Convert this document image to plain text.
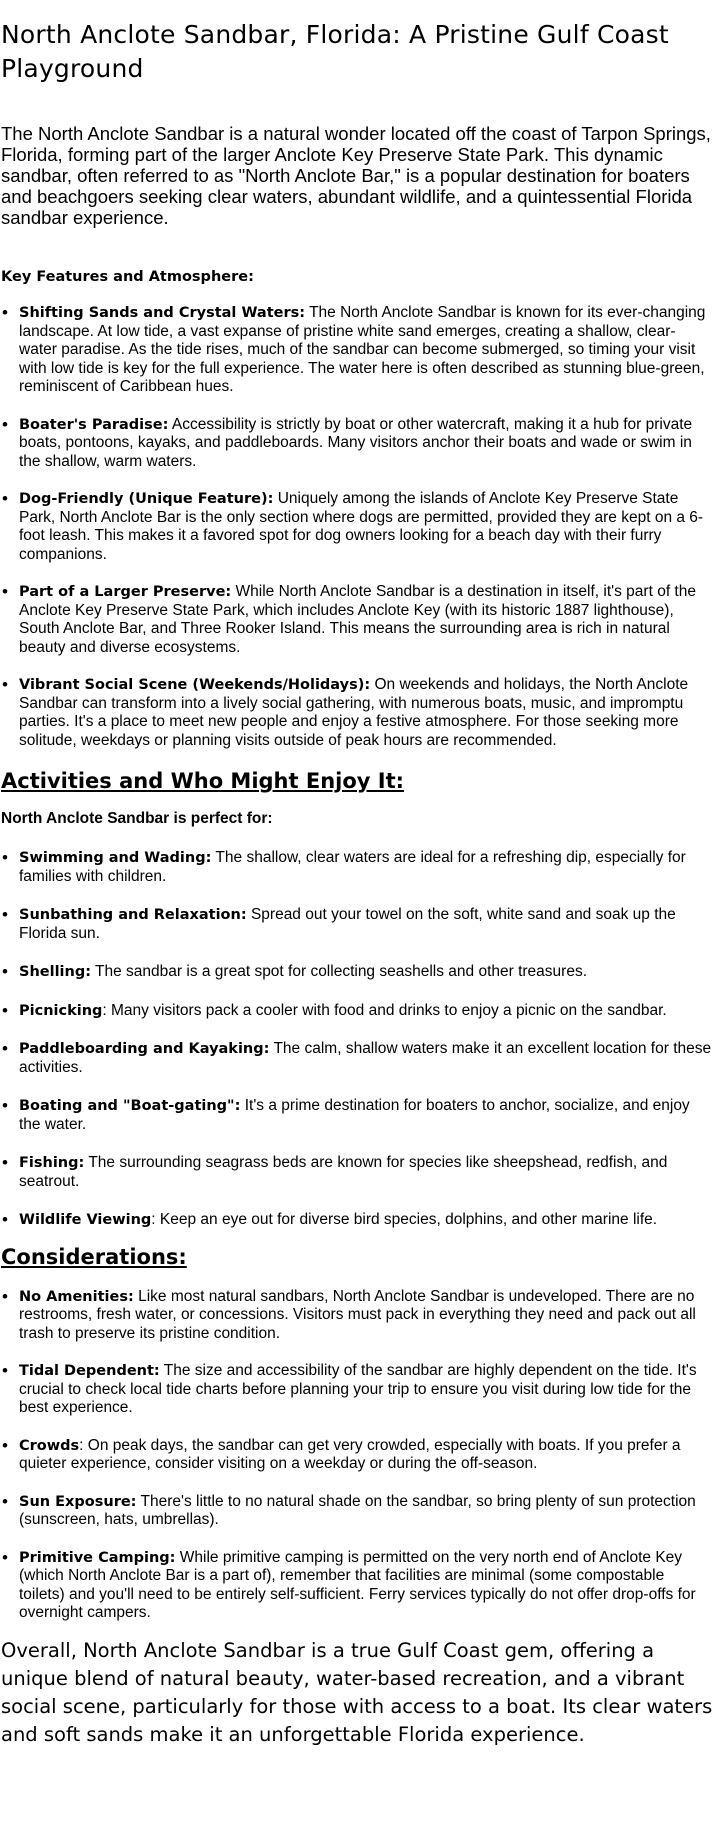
North Anclote Sandbar, Florida: A Pristine Gulf Coast Playground

The North Anclote Sandbar is a natural wonder located off the coast of Tarpon Springs, Florida, forming part of the larger Anclote Key Preserve State Park. This dynamic sandbar, often referred to as "North Anclote Bar," is a popular destination for boaters and beachgoers seeking clear waters, abundant wildlife, and a quintessential Florida sandbar experience.

Key Features and Atmosphere:
• Shifting Sands and Crystal Waters: The North Anclote Sandbar is known for its ever-changing landscape. At low tide, a vast expanse of pristine white sand emerges, creating a shallow, clear-water paradise. As the tide rises, much of the sandbar can become submerged, so timing your visit with low tide is key for the full experience. The water here is often described as stunning blue-green, reminiscent of Caribbean hues.
• Boater's Paradise: Accessibility is strictly by boat or other watercraft, making it a hub for private boats, pontoons, kayaks, and paddleboards. Many visitors anchor their boats and wade or swim in the shallow, warm waters.
• Dog-Friendly (Unique Feature): Uniquely among the islands of Anclote Key Preserve State Park, North Anclote Bar is the only section where dogs are permitted, provided they are kept on a 6-foot leash. This makes it a favored spot for dog owners looking for a beach day with their furry companions.
• Part of a Larger Preserve: While North Anclote Sandbar is a destination in itself, it's part of the Anclote Key Preserve State Park, which includes Anclote Key (with its historic 1887 lighthouse), South Anclote Bar, and Three Rooker Island. This means the surrounding area is rich in natural beauty and diverse ecosystems.
• Vibrant Social Scene (Weekends/Holidays): On weekends and holidays, the North Anclote Sandbar can transform into a lively social gathering, with numerous boats, music, and impromptu parties. It's a place to meet new people and enjoy a festive atmosphere. For those seeking more solitude, weekdays or planning visits outside of peak hours are recommended.
Activities and Who Might Enjoy It:
North Anclote Sandbar is perfect for:
• Swimming and Wading: The shallow, clear waters are ideal for a refreshing dip, especially for families with children.
• Sunbathing and Relaxation: Spread out your towel on the soft, white sand and soak up the Florida sun.
• Shelling: The sandbar is a great spot for collecting seashells and other treasures.
• Picnicking: Many visitors pack a cooler with food and drinks to enjoy a picnic on the sandbar.
• Paddleboarding and Kayaking: The calm, shallow waters make it an excellent location for these activities.
• Boating and "Boat-gating": It's a prime destination for boaters to anchor, socialize, and enjoy the water.
• Fishing: The surrounding seagrass beds are known for species like sheepshead, redfish, and seatrout.
• Wildlife Viewing: Keep an eye out for diverse bird species, dolphins, and other marine life.
Considerations:
• No Amenities: Like most natural sandbars, North Anclote Sandbar is undeveloped. There are no restrooms, fresh water, or concessions. Visitors must pack in everything they need and pack out all trash to preserve its pristine condition.
• Tidal Dependent: The size and accessibility of the sandbar are highly dependent on the tide. It's crucial to check local tide charts before planning your trip to ensure you visit during low tide for the best experience.
• Crowds: On peak days, the sandbar can get very crowded, especially with boats. If you prefer a quieter experience, consider visiting on a weekday or during the off-season.
• Sun Exposure: There's little to no natural shade on the sandbar, so bring plenty of sun protection (sunscreen, hats, umbrellas).
• Primitive Camping: While primitive camping is permitted on the very north end of Anclote Key (which North Anclote Bar is a part of), remember that facilities are minimal (some compostable toilets) and you'll need to be entirely self-sufficient. Ferry services typically do not offer drop-offs for overnight campers.

Overall, North Anclote Sandbar is a true Gulf Coast gem, offering a unique blend of natural beauty, water-based recreation, and a vibrant social scene, particularly for those with access to a boat. Its clear waters and soft sands make it an unforgettable Florida experience.
